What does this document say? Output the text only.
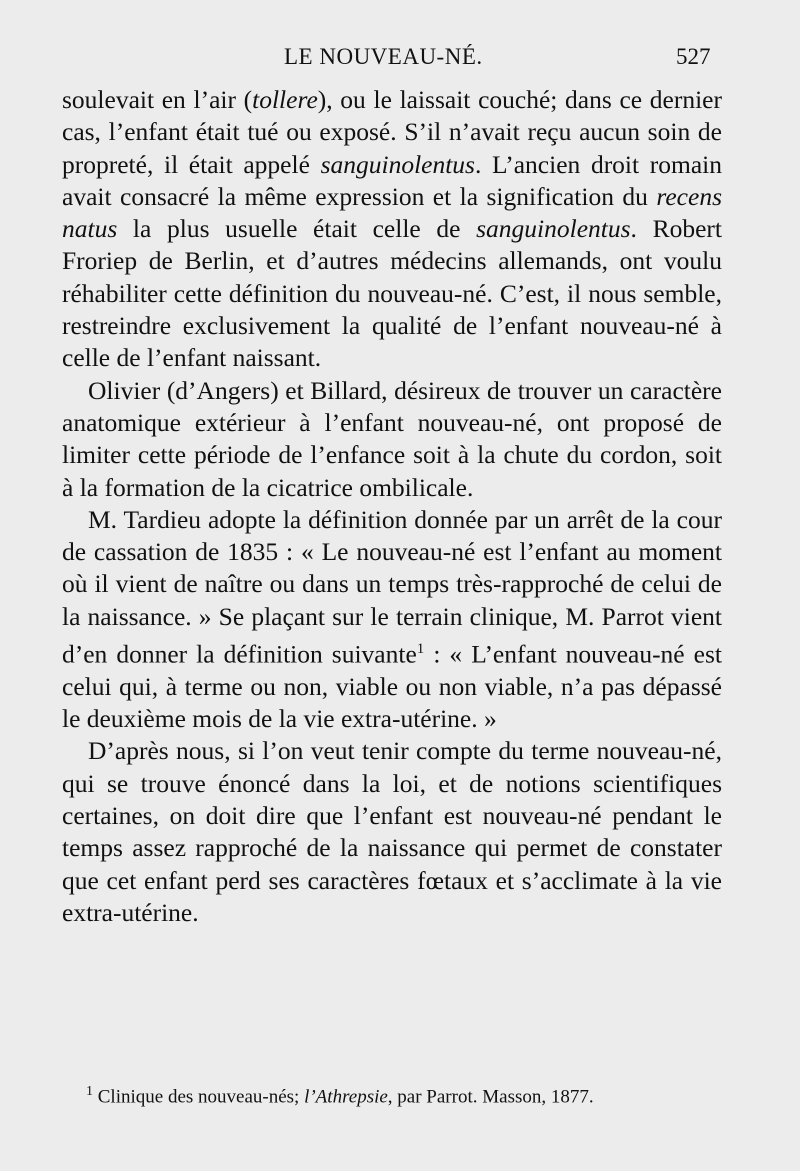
LE NOUVEAU-NÉ.	527

soulevait en l’air (tollere), ou le laissait couché; dans ce dernier cas, l’enfant était tué ou exposé. S’il n’avait reçu aucun soin de propreté, il était appelé sanguinolentus. L’ancien droit romain avait consacré la même expression et la signification du recens natus la plus usuelle était celle de sanguinolentus. Robert Froriep de Berlin, et d’autres médecins allemands, ont voulu réhabiliter cette définition du nouveau-né. C’est, il nous semble, restreindre exclusivement la qualité de l’enfant nouveau-né à celle de l’enfant naissant.

Olivier (d’Angers) et Billard, désireux de trouver un caractère anatomique extérieur à l’enfant nouveau-né, ont proposé de limiter cette période de l’enfance soit à la chute du cordon, soit à la formation de la cicatrice ombilicale.

M. Tardieu adopte la définition donnée par un arrêt de la cour de cassation de 1835 : « Le nouveau-né est l’enfant au moment où il vient de naître ou dans un temps très-rapproché de celui de la naissance. » Se plaçant sur le terrain clinique, M. Parrot vient d’en donner la définition suivante$^1$ : « L’enfant nouveau-né est celui qui, à terme ou non, viable ou non viable, n’a pas dépassé le deuxième mois de la vie extra-utérine. »

D’après nous, si l’on veut tenir compte du terme nouveau-né, qui se trouve énoncé dans la loi, et de notions scientifiques certaines, on doit dire que l’enfant est nouveau-né pendant le temps assez rapproché de la naissance qui permet de constater que cet enfant perd ses caractères fœtaux et s’acclimate à la vie extra-utérine.

$^1$ Clinique des nouveau-nés; l’Athrepsie, par Parrot. Masson, 1877.
